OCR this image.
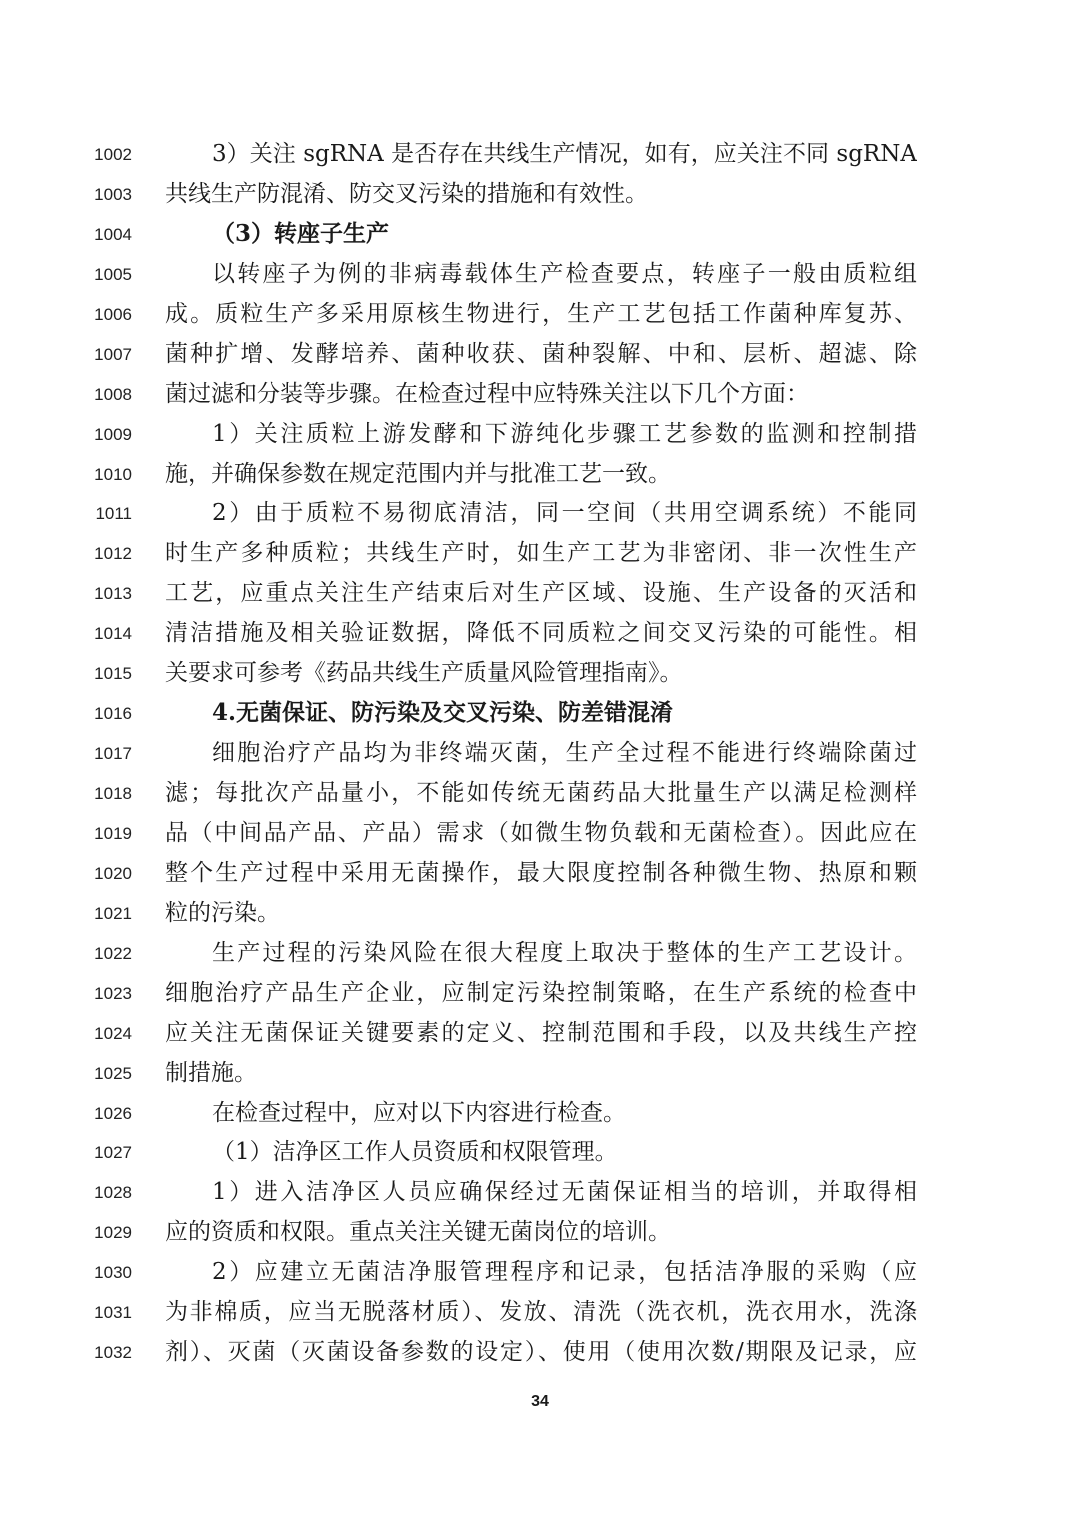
1002	3）关注 sgRNA 是否存在共线生产情况，如有，应关注不同 sgRNA
1003 共线生产防混淆、防交叉污染的措施和有效性。
1004	（3）转座子生产
1005	以转座子为例的非病毒载体生产检查要点，转座子一般由质粒组
1006 成。质粒生产多采用原核生物进行，生产工艺包括工作菌种库复苏、
1007 菌种扩增、发酵培养、菌种收获、菌种裂解、中和、层析、超滤、除
1008 菌过滤和分装等步骤。在检查过程中应特殊关注以下几个方面：
1009	1）关注质粒上游发酵和下游纯化步骤工艺参数的监测和控制措
1010 施，并确保参数在规定范围内并与批准工艺一致。
1011	2）由于质粒不易彻底清洁，同一空间（共用空调系统）不能同
1012 时生产多种质粒；共线生产时，如生产工艺为非密闭、非一次性生产
1013 工艺，应重点关注生产结束后对生产区域、设施、生产设备的灭活和
1014 清洁措施及相关验证数据，降低不同质粒之间交叉污染的可能性。相
1015 关要求可参考《药品共线生产质量风险管理指南》。
1016	4.无菌保证、防污染及交叉污染、防差错混淆
1017	细胞治疗产品均为非终端灭菌，生产全过程不能进行终端除菌过
1018 滤；每批次产品量小，不能如传统无菌药品大批量生产以满足检测样
1019 品（中间品产品、产品）需求（如微生物负载和无菌检查）。因此应在
1020 整个生产过程中采用无菌操作，最大限度控制各种微生物、热原和颗
1021 粒的污染。
1022	生产过程的污染风险在很大程度上取决于整体的生产工艺设计。
1023 细胞治疗产品生产企业，应制定污染控制策略，在生产系统的检查中
1024 应关注无菌保证关键要素的定义、控制范围和手段，以及共线生产控
1025 制措施。
1026	在检查过程中，应对以下内容进行检查。
1027	（1）洁净区工作人员资质和权限管理。
1028	1）进入洁净区人员应确保经过无菌保证相当的培训，并取得相
1029 应的资质和权限。重点关注关键无菌岗位的培训。
1030	2）应建立无菌洁净服管理程序和记录，包括洁净服的采购（应
1031 为非棉质，应当无脱落材质）、发放、清洗（洗衣机，洗衣用水，洗涤
1032 剂）、灭菌（灭菌设备参数的设定）、使用（使用次数/期限及记录，应
34
